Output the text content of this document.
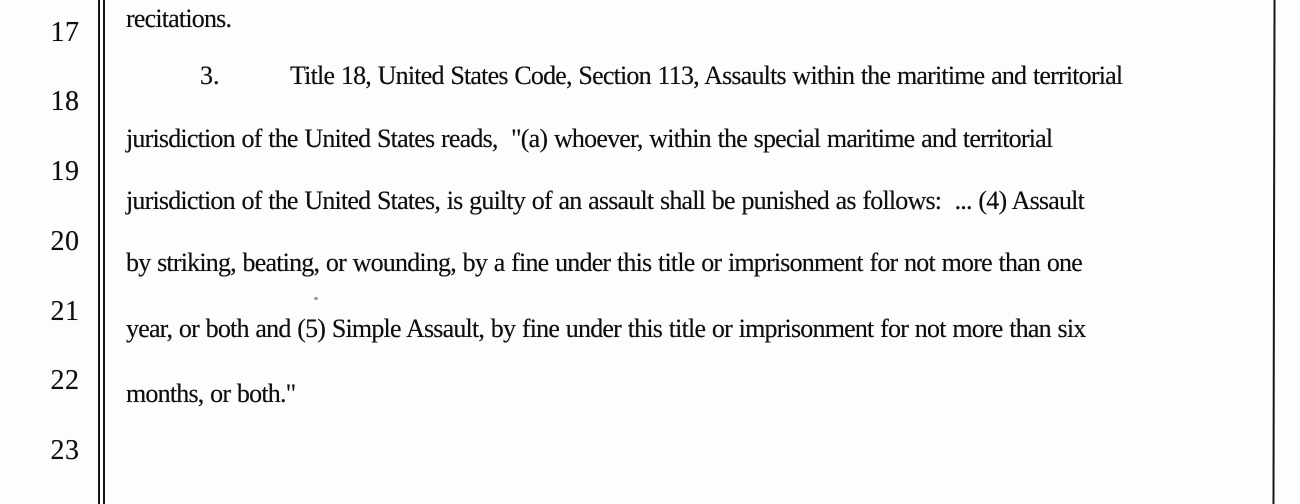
17
18
19
20
21
22
23
recitations.
3.	Title 18, United States Code, Section 113, Assaults within the maritime and territorial
jurisdiction of the United States reads,  "(a) whoever, within the special maritime and territorial
jurisdiction of the United States, is guilty of an assault shall be punished as follows:  ... (4) Assault
by striking, beating, or wounding, by a fine under this title or imprisonment for not more than one
year, or both and (5) Simple Assault, by fine under this title or imprisonment for not more than six
months, or both."
